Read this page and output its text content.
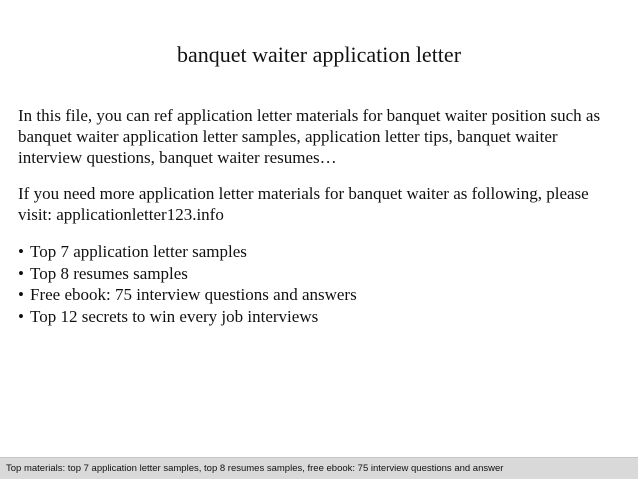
banquet waiter application letter
In this file, you can ref application letter materials for banquet waiter position such as banquet waiter application letter samples, application letter tips, banquet waiter interview questions, banquet waiter resumes…
If you need more application letter materials for banquet waiter as following, please visit: applicationletter123.info
• Top 7 application letter samples
• Top 8 resumes samples
• Free ebook: 75 interview questions and answers
• Top 12 secrets to win every job interviews
Top materials: top 7 application letter samples, top 8 resumes samples, free ebook: 75 interview questions and answer
